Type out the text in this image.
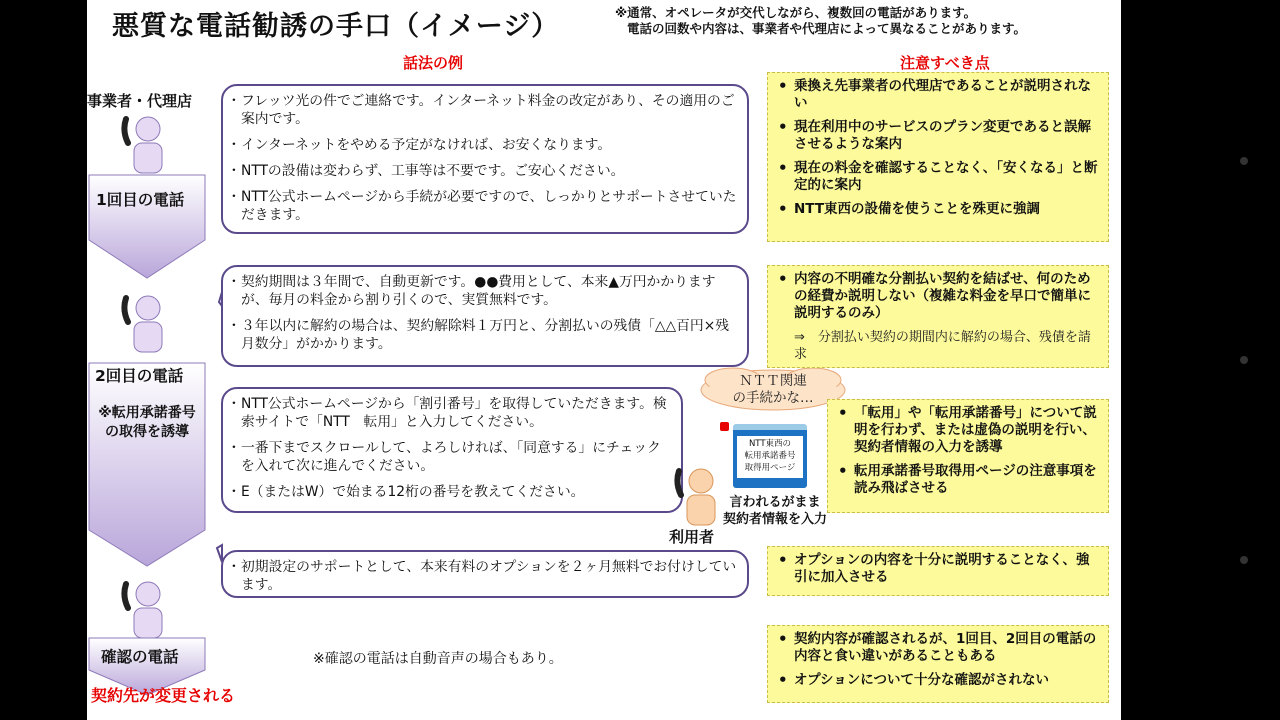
悪質な電話勧誘の手口（イメージ）	※通常、オペレータが交代しながら、複数回の電話があります。
電話の回数や内容は、事業者や代理店によって異なることがあります。
話法の例	注意すべき点
事業者・代理店
1回目の電話
2回目の電話
※転用承諾番号
の取得を誘導
確認の電話
契約先が変更される
・ フレッツ光の件でご連絡です。インターネット料金の改定があり、その適用のご案内です。
・ インターネットをやめる予定がなければ、お安くなります。
・ NTTの設備は変わらず、工事等は不要です。ご安心ください。
・ NTT公式ホームページから手続が必要ですので、しっかりとサポートさせていただきます。
・ 契約期間は３年間で、自動更新です。●●費用として、本来▲万円かかりますが、毎月の料金から割り引くので、実質無料です。
・ ３年以内に解約の場合は、契約解除料１万円と、分割払いの残債「△△百円×残月数分」がかかります。
・ NTT公式ホームページから「割引番号」を取得していただきます。検索サイトで「NTT　転用」と入力してください。
・ 一番下までスクロールして、よろしければ、「同意する」にチェックを入れて次に進んでください。
・ E（またはW）で始まる12桁の番号を教えてください。
・ 初期設定のサポートとして、本来有料のオプションを２ヶ月無料でお付けしています。
※確認の電話は自動音声の場合もあり。
ＮＴＴ関連
の手続かな…
NTT東西の
転用承諾番号
取得用ページ
利用者
言われるがまま
契約者情報を入力
• 乗換え先事業者の代理店であることが説明されない
• 現在利用中のサービスのプラン変更であると誤解させるような案内
• 現在の料金を確認することなく、「安くなる」と断定的に案内
• NTT東西の設備を使うことを殊更に強調
• 内容の不明確な分割払い契約を結ばせ、何のための経費か説明しない（複雑な料金を早口で簡単に説明するのみ）
⇒　分割払い契約の期間内に解約の場合、残債を請求
• 「転用」や「転用承諾番号」について説明を行わず、または虚偽の説明を行い、契約者情報の入力を誘導
• 転用承諾番号取得用ページの注意事項を読み飛ばさせる
• オプションの内容を十分に説明することなく、強引に加入させる
• 契約内容が確認されるが、1回目、2回目の電話の内容と食い違いがあることもある
• オプションについて十分な確認がされない
